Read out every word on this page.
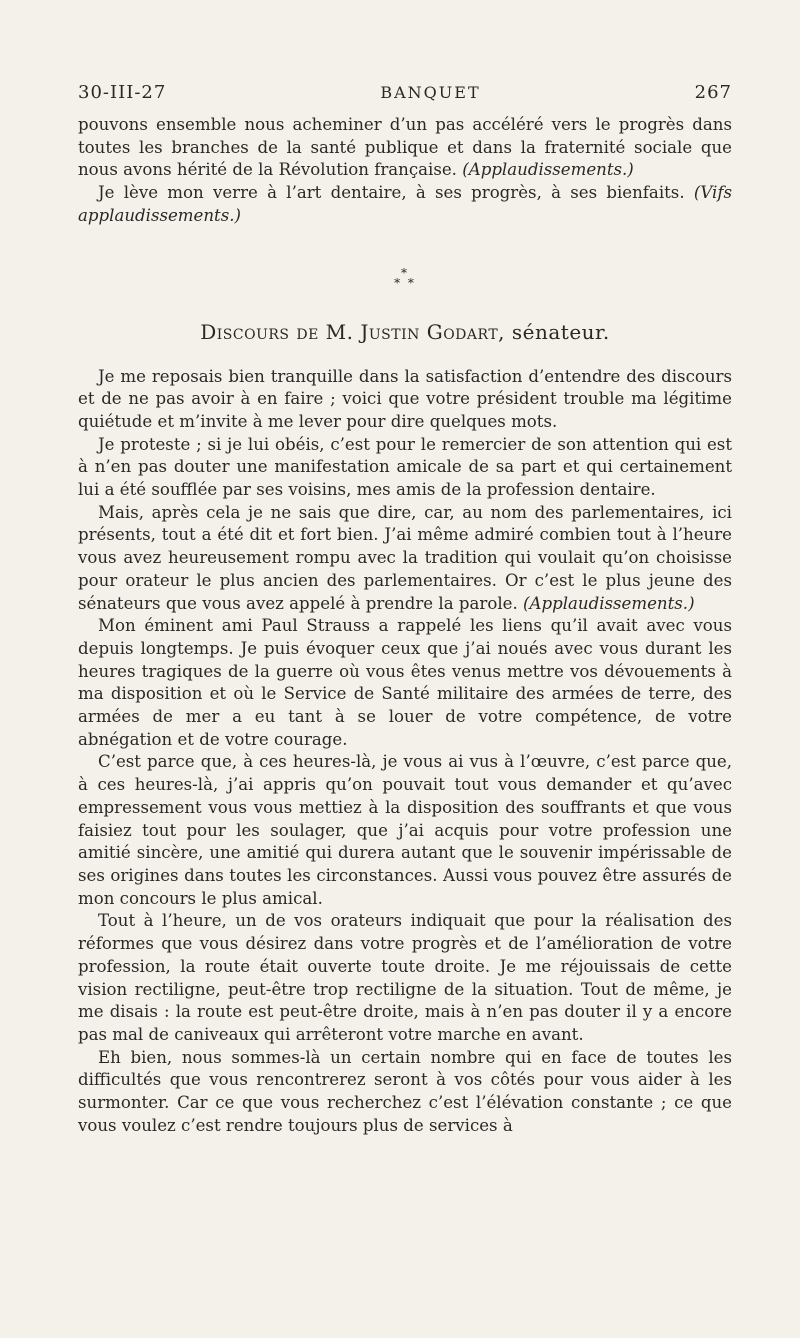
30-III-27	BANQUET	267

pouvons ensemble nous acheminer d’un pas accéléré vers le progrès dans toutes les branches de la santé publique et dans la fraternité sociale que nous avons hérité de la Révolution française. (Applaudissements.)

Je lève mon verre à l’art dentaire, à ses progrès, à ses bienfaits. (Vifs applaudissements.)

*
* *
Discours de M. Justin Godart, sénateur.

Je me reposais bien tranquille dans la satisfaction d’entendre des discours et de ne pas avoir à en faire ; voici que votre président trouble ma légitime quiétude et m’invite à me lever pour dire quelques mots.

Je proteste ; si je lui obéis, c’est pour le remercier de son attention qui est à n’en pas douter une manifestation amicale de sa part et qui certainement lui a été soufflée par ses voisins, mes amis de la profession dentaire.

Mais, après cela je ne sais que dire, car, au nom des parlementaires, ici présents, tout a été dit et fort bien. J’ai même admiré combien tout à l’heure vous avez heureusement rompu avec la tradition qui voulait qu’on choisisse pour orateur le plus ancien des parlementaires. Or c’est le plus jeune des sénateurs que vous avez appelé à prendre la parole. (Applaudissements.)

Mon éminent ami Paul Strauss a rappelé les liens qu’il avait avec vous depuis longtemps. Je puis évoquer ceux que j’ai noués avec vous durant les heures tragiques de la guerre où vous êtes venus mettre vos dévouements à ma disposition et où le Service de Santé militaire des armées de terre, des armées de mer a eu tant à se louer de votre compétence, de votre abnégation et de votre courage.

C’est parce que, à ces heures-là, je vous ai vus à l’œuvre, c’est parce que, à ces heures-là, j’ai appris qu’on pouvait tout vous demander et qu’avec empressement vous vous mettiez à la disposition des souffrants et que vous faisiez tout pour les soulager, que j’ai acquis pour votre profession une amitié sincère, une amitié qui durera autant que le souvenir impérissable de ses origines dans toutes les circonstances. Aussi vous pouvez être assurés de mon concours le plus amical.

Tout à l’heure, un de vos orateurs indiquait que pour la réalisation des réformes que vous désirez dans votre progrès et de l’amélioration de votre profession, la route était ouverte toute droite. Je me réjouissais de cette vision rectiligne, peut-être trop rectiligne de la situation. Tout de même, je me disais : la route est peut-être droite, mais à n’en pas douter il y a encore pas mal de caniveaux qui arrêteront votre marche en avant.

Eh bien, nous sommes-là un certain nombre qui en face de toutes les difficultés que vous rencontrerez seront à vos côtés pour vous aider à les surmonter. Car ce que vous recherchez c’est l’élévation constante ; ce que vous voulez c’est rendre toujours plus de services à
